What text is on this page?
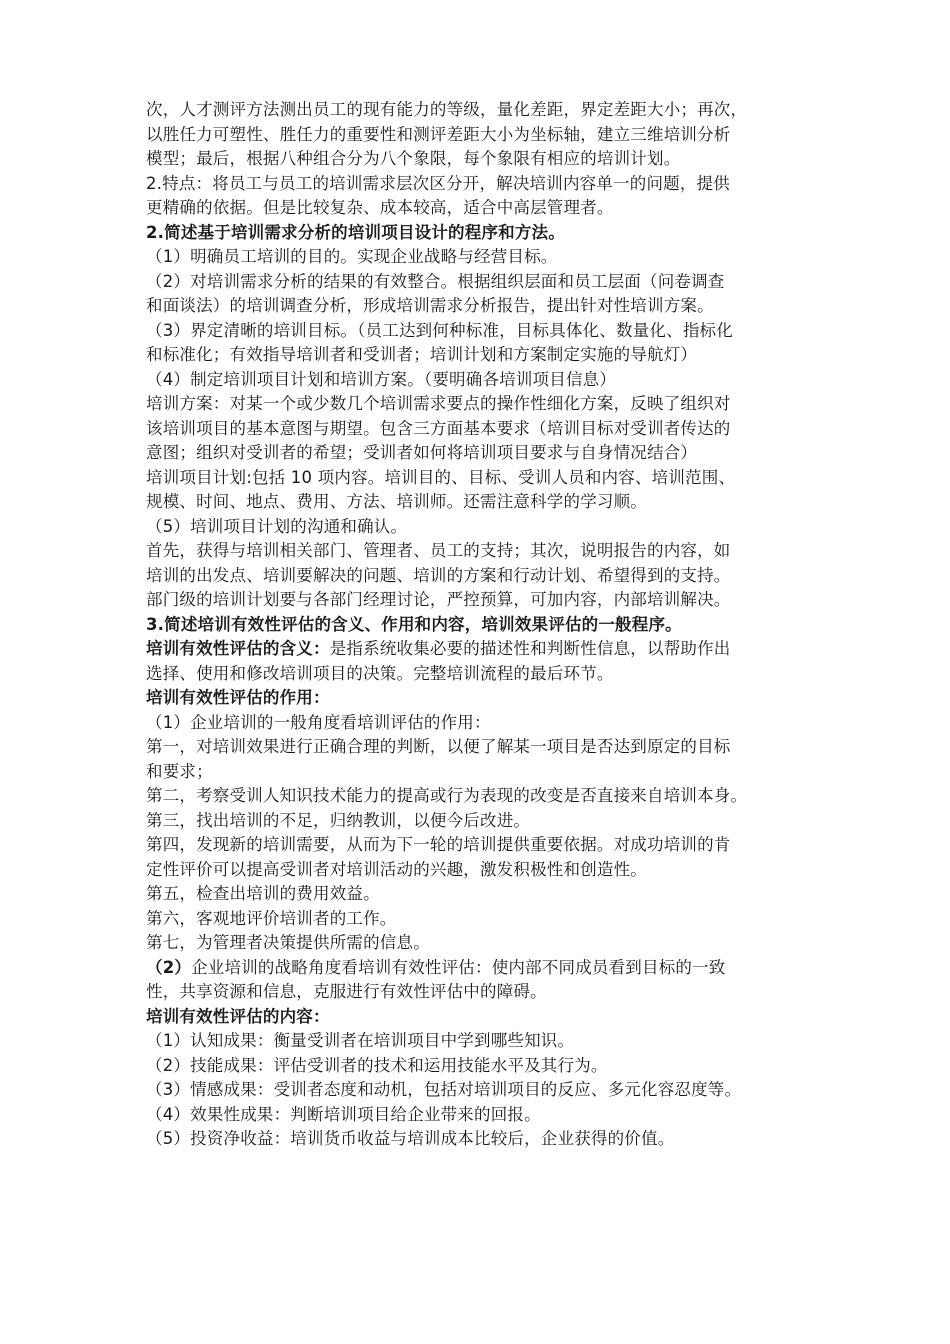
次，人才测评方法测出员工的现有能力的等级，量化差距，界定差距大小；再次，

以胜任力可塑性、胜任力的重要性和测评差距大小为坐标轴，建立三维培训分析

模型；最后，根据八种组合分为八个象限，每个象限有相应的培训计划。

2.特点：将员工与员工的培训需求层次区分开，解决培训内容单一的问题，提供

更精确的依据。但是比较复杂、成本较高，适合中高层管理者。

2.简述基于培训需求分析的培训项目设计的程序和方法。

（1）明确员工培训的目的。实现企业战略与经营目标。

（2）对培训需求分析的结果的有效整合。根据组织层面和员工层面（问卷调查

和面谈法）的培训调查分析，形成培训需求分析报告，提出针对性培训方案。

（3）界定清晰的培训目标。（员工达到何种标准，目标具体化、数量化、指标化

和标准化；有效指导培训者和受训者；培训计划和方案制定实施的导航灯）

（4）制定培训项目计划和培训方案。（要明确各培训项目信息）

培训方案：对某一个或少数几个培训需求要点的操作性细化方案，反映了组织对

该培训项目的基本意图与期望。包含三方面基本要求（培训目标对受训者传达的

意图；组织对受训者的希望；受训者如何将培训项目要求与自身情况结合）

培训项目计划:包括 10 项内容。培训目的、目标、受训人员和内容、培训范围、

规模、时间、地点、费用、方法、培训师。还需注意科学的学习顺。

（5）培训项目计划的沟通和确认。

首先，获得与培训相关部门、管理者、员工的支持；其次，说明报告的内容，如

培训的出发点、培训要解决的问题、培训的方案和行动计划、希望得到的支持。

部门级的培训计划要与各部门经理讨论，严控预算，可加内容，内部培训解决。

3.简述培训有效性评估的含义、作用和内容，培训效果评估的一般程序。

培训有效性评估的含义：是指系统收集必要的描述性和判断性信息，以帮助作出

选择、使用和修改培训项目的决策。完整培训流程的最后环节。

培训有效性评估的作用：

（1）企业培训的一般角度看培训评估的作用：

第一，对培训效果进行正确合理的判断，以便了解某一项目是否达到原定的目标

和要求；

第二，考察受训人知识技术能力的提高或行为表现的改变是否直接来自培训本身。

第三，找出培训的不足，归纳教训，以便今后改进。

第四，发现新的培训需要，从而为下一轮的培训提供重要依据。对成功培训的肯

定性评价可以提高受训者对培训活动的兴趣，激发积极性和创造性。

第五，检查出培训的费用效益。

第六，客观地评价培训者的工作。

第七，为管理者决策提供所需的信息。

（2）企业培训的战略角度看培训有效性评估：使内部不同成员看到目标的一致

性，共享资源和信息，克服进行有效性评估中的障碍。

培训有效性评估的内容：

（1）认知成果：衡量受训者在培训项目中学到哪些知识。

（2）技能成果：评估受训者的技术和运用技能水平及其行为。

（3）情感成果：受训者态度和动机，包括对培训项目的反应、多元化容忍度等。

（4）效果性成果：判断培训项目给企业带来的回报。

（5）投资净收益：培训货币收益与培训成本比较后，企业获得的价值。
